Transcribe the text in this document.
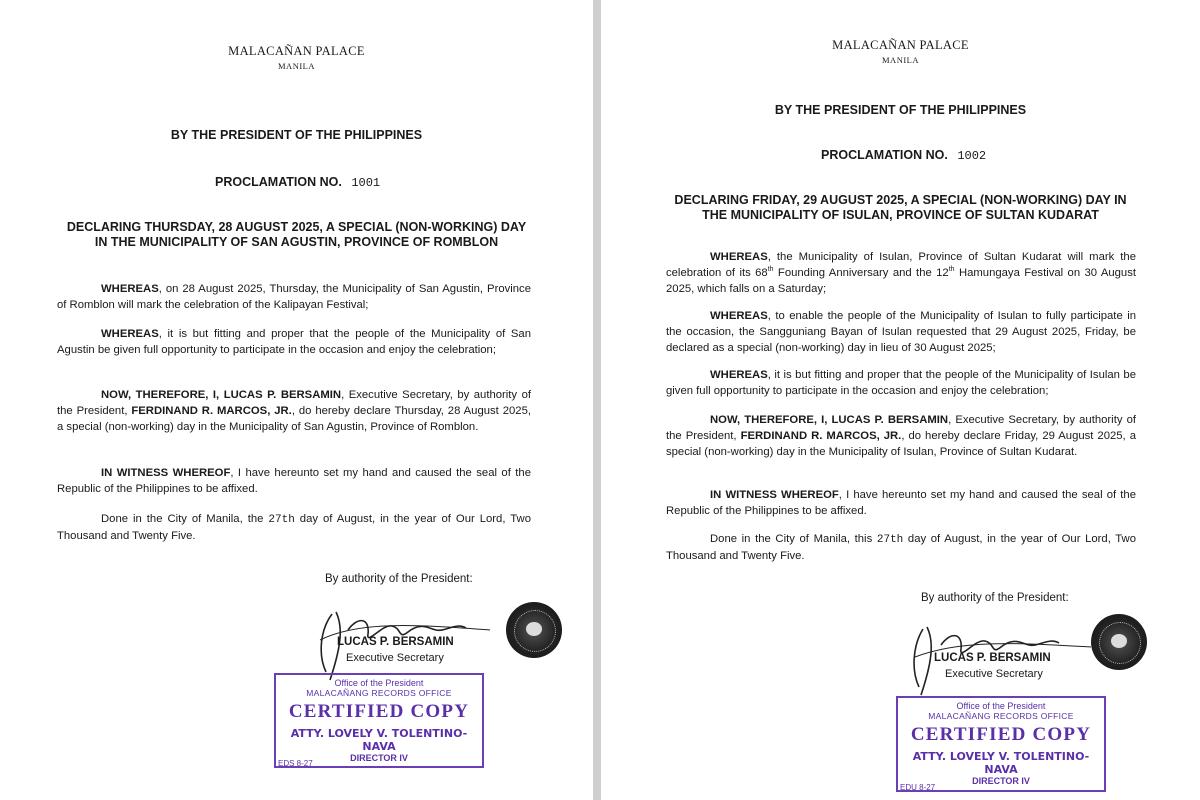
MALACAÑAN PALACE
MANILA
BY THE PRESIDENT OF THE PHILIPPINES
PROCLAMATION NO. 1001
DECLARING THURSDAY, 28 AUGUST 2025, A SPECIAL (NON-WORKING) DAY
IN THE MUNICIPALITY OF SAN AGUSTIN, PROVINCE OF ROMBLON
WHEREAS, on 28 August 2025, Thursday, the Municipality of San Agustin, Province of Romblon will mark the celebration of the Kalipayan Festival;
WHEREAS, it is but fitting and proper that the people of the Municipality of San Agustin be given full opportunity to participate in the occasion and enjoy the celebration;
NOW, THEREFORE, I, LUCAS P. BERSAMIN, Executive Secretary, by authority of the President, FERDINAND R. MARCOS, JR., do hereby declare Thursday, 28 August 2025, a special (non-working) day in the Municipality of San Agustin, Province of Romblon.
IN WITNESS WHEREOF, I have hereunto set my hand and caused the seal of the Republic of the Philippines to be affixed.
Done in the City of Manila, the 27th day of August, in the year of Our Lord, Two Thousand and Twenty Five.
By authority of the President:
LUCAS P. BERSAMIN
Executive Secretary
Office of the President
MALACAÑANG RECORDS OFFICE
CERTIFIED COPY
ATTY. LOVELY V. TOLENTINO-NAVA
DIRECTOR IV
EDS 8-27
MALACAÑAN PALACE
MANILA
BY THE PRESIDENT OF THE PHILIPPINES
PROCLAMATION NO. 1002
DECLARING FRIDAY, 29 AUGUST 2025, A SPECIAL (NON-WORKING) DAY IN
THE MUNICIPALITY OF ISULAN, PROVINCE OF SULTAN KUDARAT
WHEREAS, the Municipality of Isulan, Province of Sultan Kudarat will mark the celebration of its 68th Founding Anniversary and the 12th Hamungaya Festival on 30 August 2025, which falls on a Saturday;
WHEREAS, to enable the people of the Municipality of Isulan to fully participate in the occasion, the Sangguniang Bayan of Isulan requested that 29 August 2025, Friday, be declared as a special (non-working) day in lieu of 30 August 2025;
WHEREAS, it is but fitting and proper that the people of the Municipality of Isulan be given full opportunity to participate in the occasion and enjoy the celebration;
NOW, THEREFORE, I, LUCAS P. BERSAMIN, Executive Secretary, by authority of the President, FERDINAND R. MARCOS, JR., do hereby declare Friday, 29 August 2025, a special (non-working) day in the Municipality of Isulan, Province of Sultan Kudarat.
IN WITNESS WHEREOF, I have hereunto set my hand and caused the seal of the Republic of the Philippines to be affixed.
Done in the City of Manila, this 27th day of August, in the year of Our Lord, Two Thousand and Twenty Five.
By authority of the President:
LUCAS P. BERSAMIN
Executive Secretary
Office of the President
MALACAÑANG RECORDS OFFICE
CERTIFIED COPY
ATTY. LOVELY V. TOLENTINO-NAVA
DIRECTOR IV
EDU 8-27
